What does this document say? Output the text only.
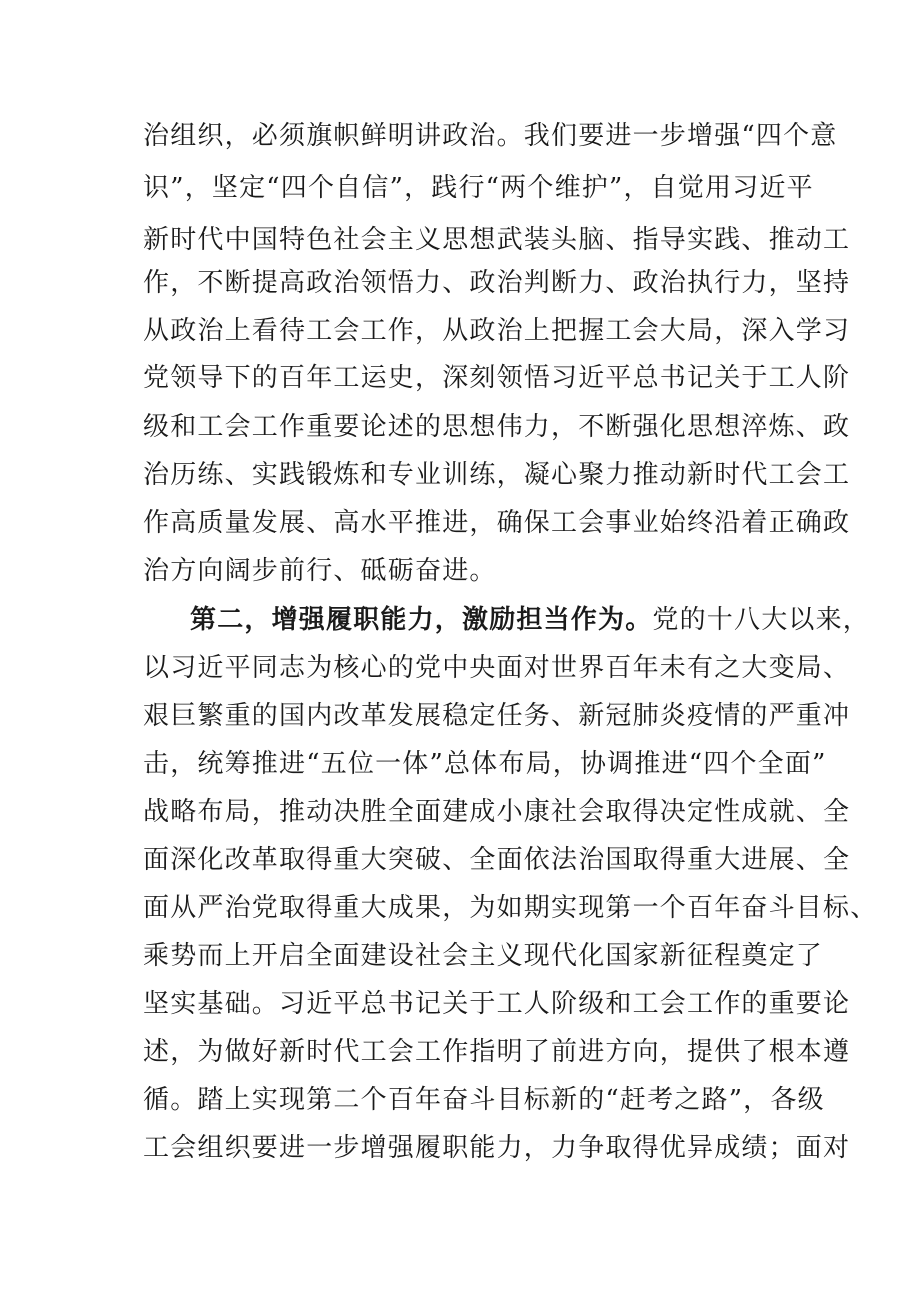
治组织，必须旗帜鲜明讲政治。我们要进一步增强“四个意
识”，坚定“四个自信”，践行“两个维护”，自觉用习近平
新时代中国特色社会主义思想武装头脑、指导实践、推动工
作，不断提高政治领悟力、政治判断力、政治执行力，坚持
从政治上看待工会工作，从政治上把握工会大局，深入学习
党领导下的百年工运史，深刻领悟习近平总书记关于工人阶
级和工会工作重要论述的思想伟力，不断强化思想淬炼、政
治历练、实践锻炼和专业训练，凝心聚力推动新时代工会工
作高质量发展、高水平推进，确保工会事业始终沿着正确政
治方向阔步前行、砥砺奋进。
第二，增强履职能力，激励担当作为。党的十八大以来，
以习近平同志为核心的党中央面对世界百年未有之大变局、
艰巨繁重的国内改革发展稳定任务、新冠肺炎疫情的严重冲
击，统筹推进“五位一体”总体布局，协调推进“四个全面”
战略布局，推动决胜全面建成小康社会取得决定性成就、全
面深化改革取得重大突破、全面依法治国取得重大进展、全
面从严治党取得重大成果，为如期实现第一个百年奋斗目标、
乘势而上开启全面建设社会主义现代化国家新征程奠定了
坚实基础。习近平总书记关于工人阶级和工会工作的重要论
述，为做好新时代工会工作指明了前进方向，提供了根本遵
循。踏上实现第二个百年奋斗目标新的“赶考之路”，各级
工会组织要进一步增强履职能力，力争取得优异成绩；面对
